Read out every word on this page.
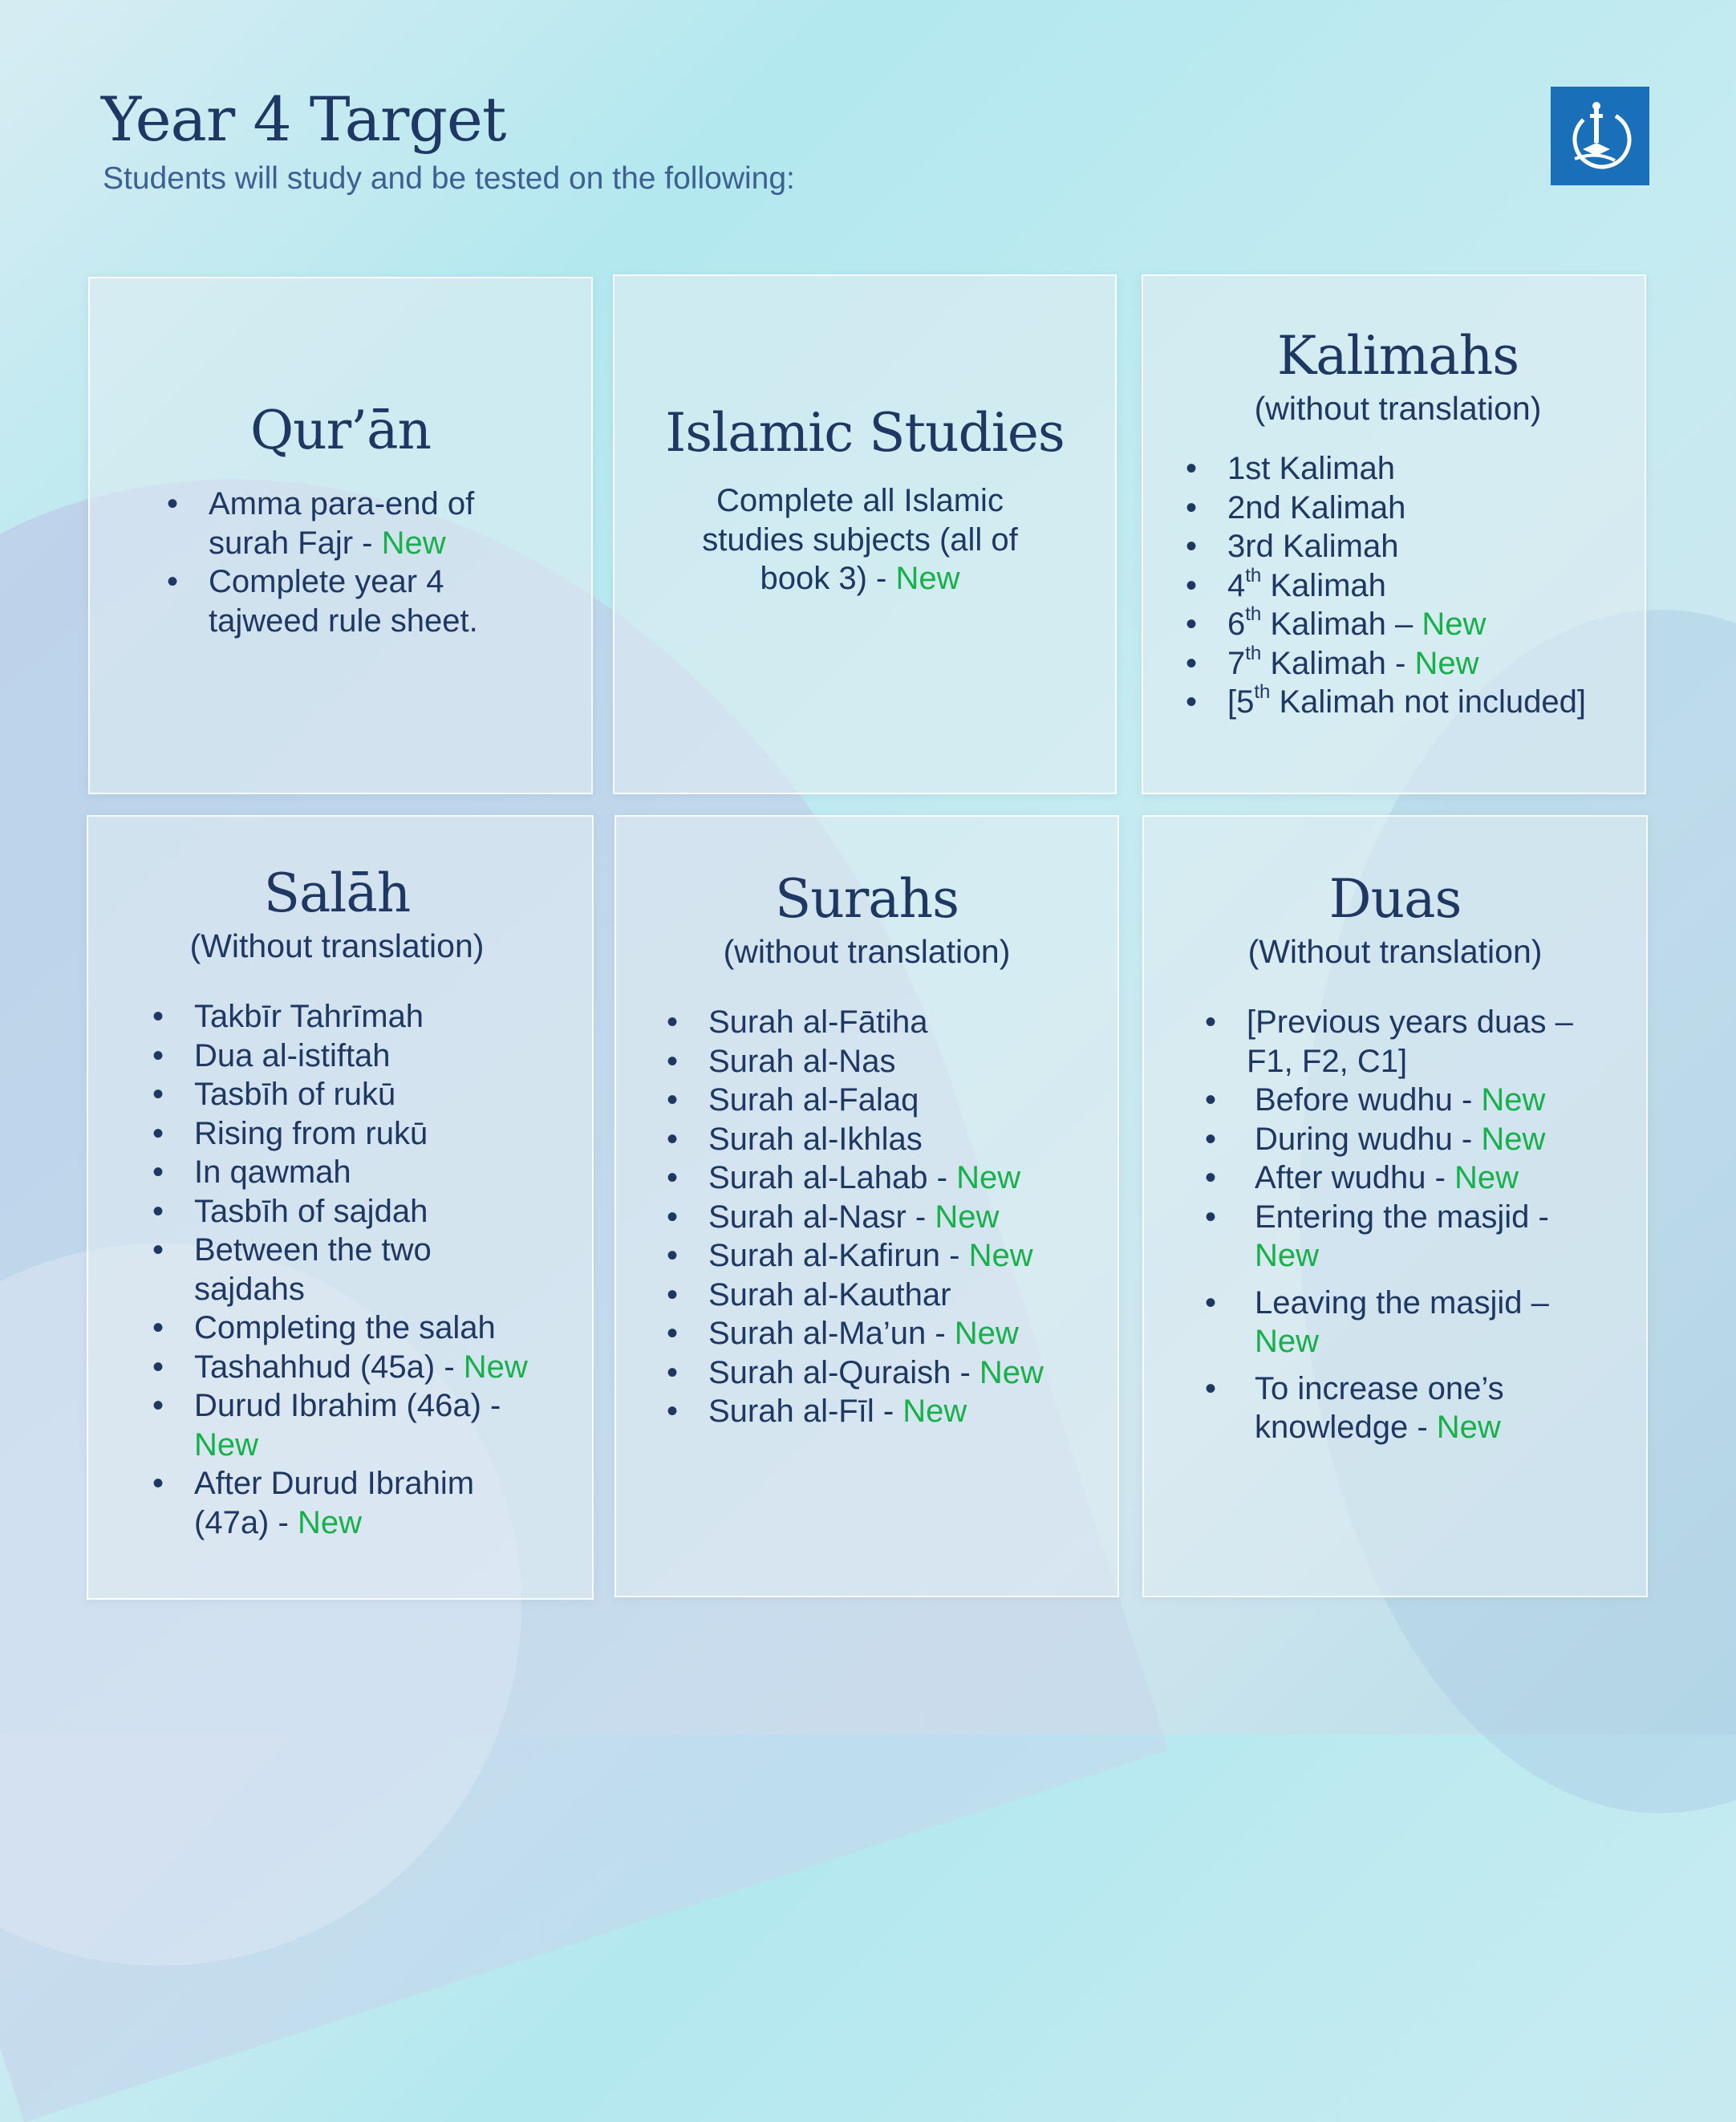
Year 4 Target
Students will study and be tested on the following:
Qur’ān
• Amma para-end of
surah Fajr - New
• Complete year 4
tajweed rule sheet.
Islamic Studies
Complete all Islamic
studies subjects (all of
book 3) - New
Kalimahs
(without translation)
• 1st Kalimah
• 2nd Kalimah
• 3rd Kalimah
• 4th Kalimah
• 6th Kalimah – New
• 7th Kalimah - New
• [5th Kalimah not included]
Salāh
(Without translation)
• Takbīr Tahrīmah
• Dua al-istiftah
• Tasbīh of rukū
• Rising from rukū
• In qawmah
• Tasbīh of sajdah
• Between the two
sajdahs
• Completing the salah
• Tashahhud (45a) - New
• Durud Ibrahim (46a) -
New
• After Durud Ibrahim
(47a) - New
Surahs
(without translation)
• Surah al-Fātiha
• Surah al-Nas
• Surah al-Falaq
• Surah al-Ikhlas
• Surah al-Lahab - New
• Surah al-Nasr - New
• Surah al-Kafirun - New
• Surah al-Kauthar
• Surah al-Ma’un - New
• Surah al-Quraish - New
• Surah al-Fīl - New
Duas
(Without translation)
• [Previous years duas –
F1, F2, C1]
• Before wudhu - New
• During wudhu - New
• After wudhu - New
• Entering the masjid -
New
• Leaving the masjid –
New
• To increase one’s
knowledge - New
